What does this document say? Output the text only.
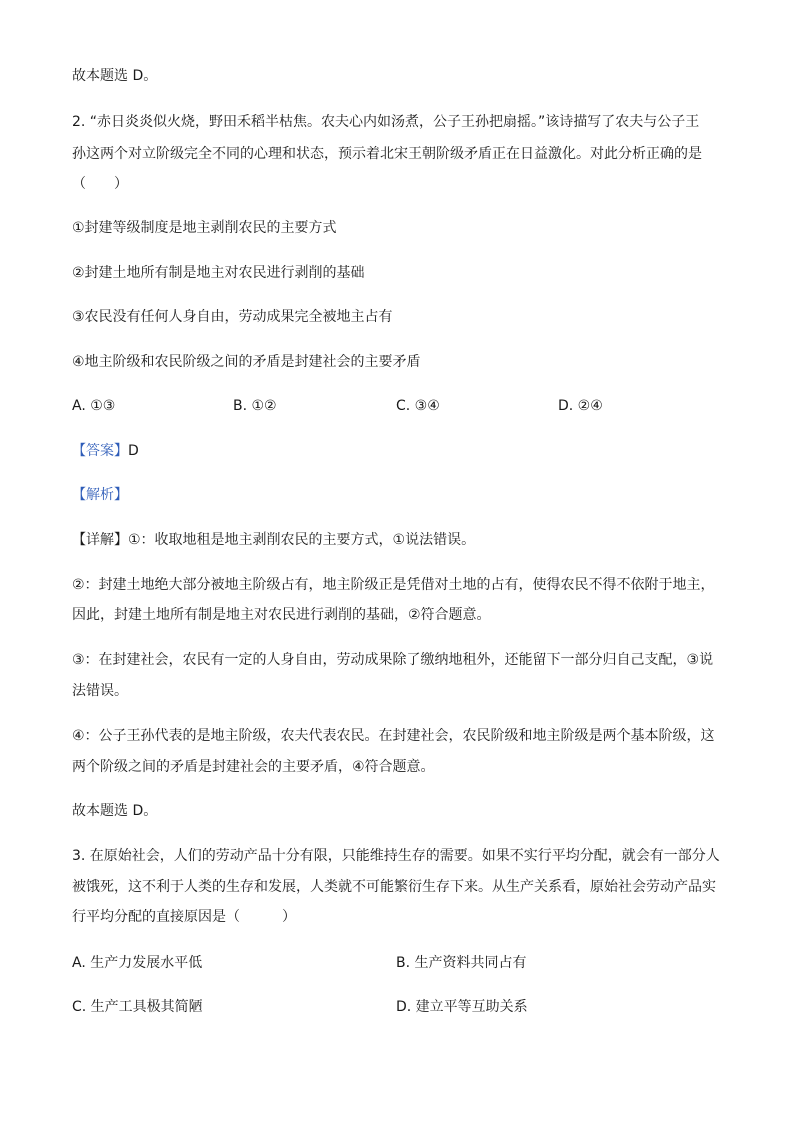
故本题选 D。
2. “赤日炎炎似火烧，野田禾稻半枯焦。农夫心内如汤煮，公子王孙把扇摇。”该诗描写了农夫与公子王
孙这两个对立阶级完全不同的心理和状态，预示着北宋王朝阶级矛盾正在日益激化。对此分析正确的是
（　　）
①封建等级制度是地主剥削农民的主要方式
②封建土地所有制是地主对农民进行剥削的基础
③农民没有任何人身自由，劳动成果完全被地主占有
④地主阶级和农民阶级之间的矛盾是封建社会的主要矛盾
A. ①③	B. ①②	C. ③④	D. ②④
【答案】D
【解析】
【详解】①：收取地租是地主剥削农民的主要方式，①说法错误。
②：封建土地绝大部分被地主阶级占有，地主阶级正是凭借对土地的占有，使得农民不得不依附于地主，
因此，封建土地所有制是地主对农民进行剥削的基础，②符合题意。
③：在封建社会，农民有一定的人身自由，劳动成果除了缴纳地租外，还能留下一部分归自己支配，③说
法错误。
④：公子王孙代表的是地主阶级，农夫代表农民。在封建社会，农民阶级和地主阶级是两个基本阶级，这
两个阶级之间的矛盾是封建社会的主要矛盾，④符合题意。
故本题选 D。
3. 在原始社会，人们的劳动产品十分有限，只能维持生存的需要。如果不实行平均分配，就会有一部分人
被饿死，这不利于人类的生存和发展，人类就不可能繁衍生存下来。从生产关系看，原始社会劳动产品实
行平均分配的直接原因是（　　　）
A. 生产力发展水平低	B. 生产资料共同占有
C. 生产工具极其简陋	D. 建立平等互助关系
